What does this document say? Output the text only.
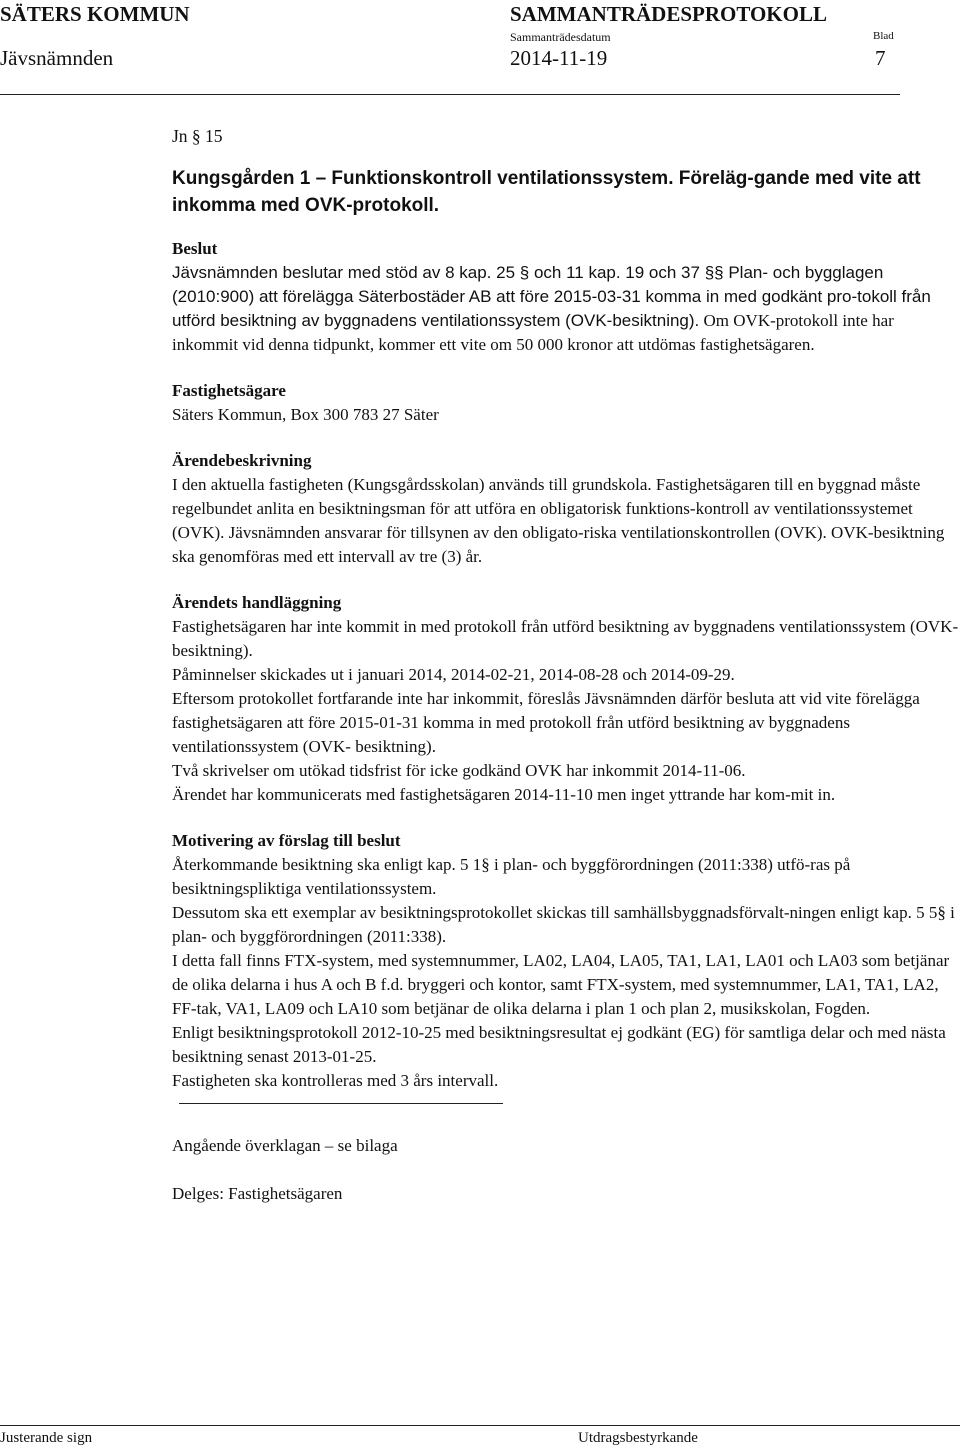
SÄTERS KOMMUN	SAMMANTRÄDESPROTOKOLL
Jävsnämnden
Sammanträdesdatum
2014-11-19
Blad
7

Jn § 15

Kungsgården 1 – Funktionskontroll ventilationssystem. Föreläg-gande med vite att inkomma med OVK-protokoll.

Beslut

Jävsnämnden beslutar med stöd av 8 kap. 25 § och 11 kap. 19 och 37 §§ Plan- och bygglagen (2010:900) att förelägga Säterbostäder AB att före 2015-03-31 komma in med godkänt pro-tokoll från utförd besiktning av byggnadens ventilationssystem (OVK-besiktning). Om OVK-protokoll inte har inkommit vid denna tidpunkt, kommer ett vite om 50 000 kronor att utdömas fastighetsägaren.

Fastighetsägare

Säters Kommun, Box 300 783 27 Säter

Ärendebeskrivning

I den aktuella fastigheten (Kungsgårdsskolan) används till grundskola. Fastighetsägaren till en byggnad måste regelbundet anlita en besiktningsman för att utföra en obligatorisk funktions-kontroll av ventilationssystemet (OVK). Jävsnämnden ansvarar för tillsynen av den obligato-riska ventilationskontrollen (OVK). OVK-besiktning ska genomföras med ett intervall av tre (3) år.

Ärendets handläggning

Fastighetsägaren har inte kommit in med protokoll från utförd besiktning av byggnadens ventilationssystem (OVK- besiktning).

Påminnelser skickades ut i januari 2014, 2014-02-21, 2014-08-28 och 2014-09-29.

Eftersom protokollet fortfarande inte har inkommit, föreslås Jävsnämnden därför besluta att vid vite förelägga fastighetsägaren att före 2015-01-31 komma in med protokoll från utförd besiktning av byggnadens ventilationssystem (OVK- besiktning).

Två skrivelser om utökad tidsfrist för icke godkänd OVK har inkommit 2014-11-06.

Ärendet har kommunicerats med fastighetsägaren 2014-11-10 men inget yttrande har kom-mit in.

Motivering av förslag till beslut

Återkommande besiktning ska enligt kap. 5 1§ i plan- och byggförordningen (2011:338) utfö-ras på besiktningspliktiga ventilationssystem.

Dessutom ska ett exemplar av besiktningsprotokollet skickas till samhällsbyggnadsförvalt-ningen enligt kap. 5 5§ i plan- och byggförordningen (2011:338).

I detta fall finns FTX-system, med systemnummer, LA02, LA04, LA05, TA1, LA1, LA01 och LA03 som betjänar de olika delarna i hus A och B f.d. bryggeri och kontor, samt FTX-system, med systemnummer, LA1, TA1, LA2, FF-tak, VA1, LA09 och LA10 som betjänar de olika delarna i plan 1 och plan 2, musikskolan, Fogden.

Enligt besiktningsprotokoll 2012-10-25 med besiktningsresultat ej godkänt (EG) för samtliga delar och med nästa besiktning senast 2013-01-25.

Fastigheten ska kontrolleras med 3 års intervall.

Angående överklagan – se bilaga

Delges: Fastighetsägaren

Justerande sign	Utdragsbestyrkande
